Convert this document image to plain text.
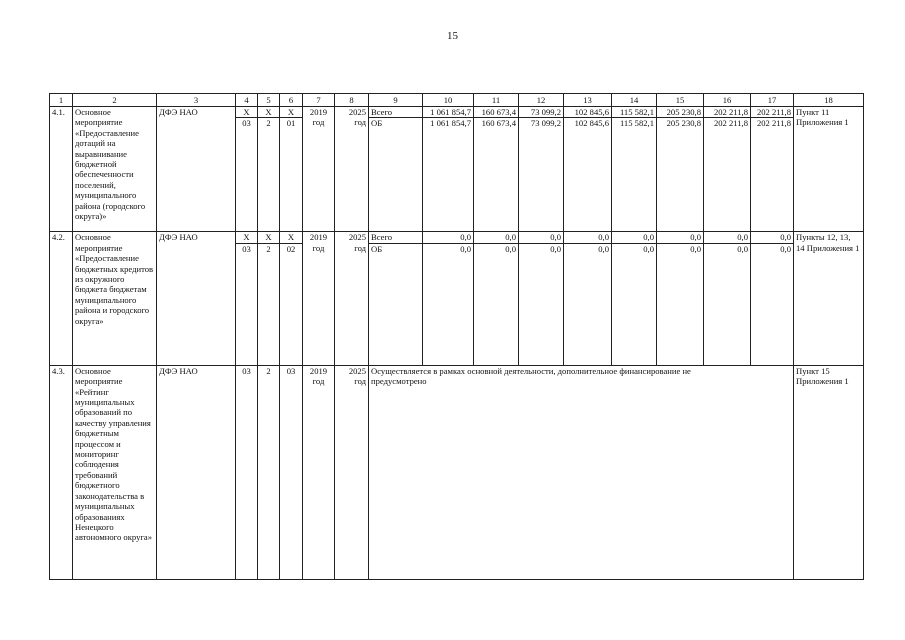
15
1	2	3	4	5	6	7	8	9	10	11	12	13	14	15	16	17	18
4.1.	Основное мероприятие «Предоставление дотаций на выравнивание бюджетной обеспеченности поселений, муниципального района (городского округа)»	ДФЭ НАО	X	X	X	2019 год	2025 год	Всего	1 061 854,7	160 673,4	73 099,2	102 845,6	115 582,1	205 230,8	202 211,8	202 211,8	Пункт 11 Приложения 1
			03	2	01			ОБ	1 061 854,7	160 673,4	73 099,2	102 845,6	115 582,1	205 230,8	202 211,8	202 211,8	
4.2.	Основное мероприятие «Предоставление бюджетных кредитов из окружного бюджета бюджетам муниципального района и городского округа»	ДФЭ НАО	X	X	X	2019 год	2025 год	Всего	0,0	0,0	0,0	0,0	0,0	0,0	0,0	0,0	Пункты 12, 13, 14 Приложения 1
			03	2	02			ОБ	0,0	0,0	0,0	0,0	0,0	0,0	0,0	0,0	
4.3.	Основное мероприятие «Рейтинг муниципальных образований по качеству управления бюджетным процессом и мониторинг соблюдения требований бюджетного законодательства в муниципальных образованиях Ненецкого автономного округа»	ДФЭ НАО	03	2	03	2019 год	2025 год	Осуществляется в рамках основной деятельности, дополнительное финансирование не предусмотрено									Пункт 15 Приложения 1
